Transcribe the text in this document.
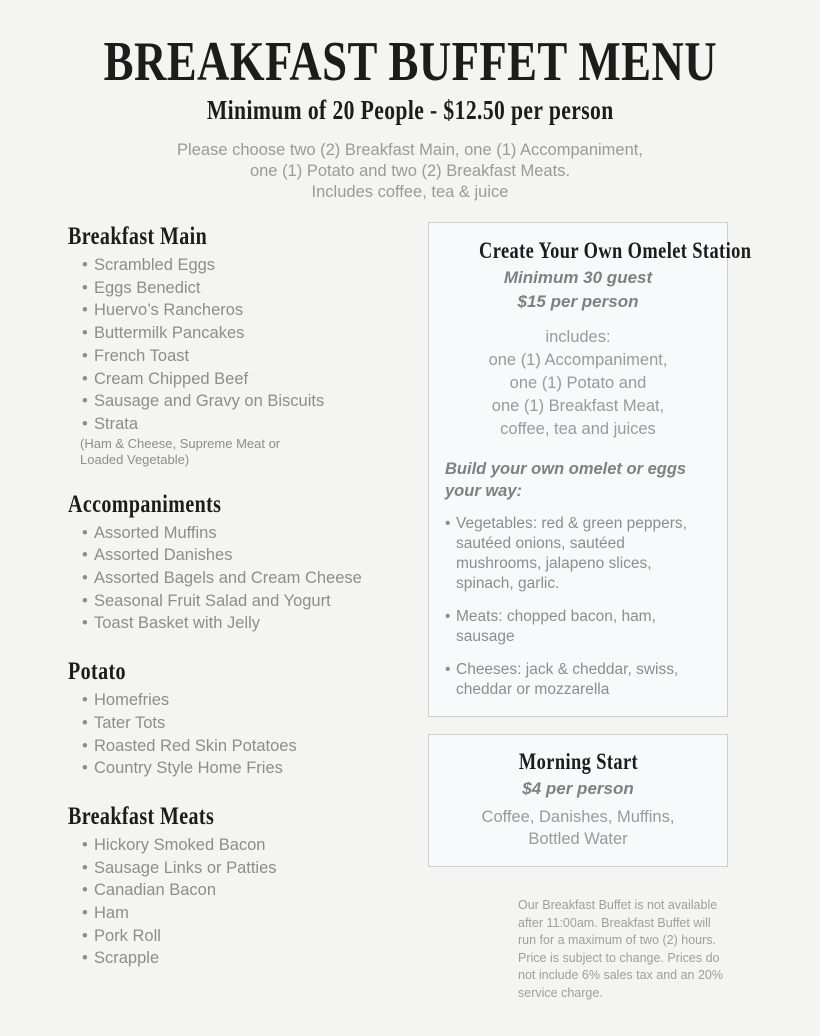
BREAKFAST BUFFET MENU Minimum of 20 People - $12.50 per person
Please choose two (2) Breakfast Main, one (1) Accompaniment,
one (1) Potato and two (2) Breakfast Meats.
Includes coffee, tea & juice
Breakfast Main
• Scrambled Eggs
• Eggs Benedict
• Huervo’s Rancheros
• Buttermilk Pancakes
• French Toast
• Cream Chipped Beef
• Sausage and Gravy on Biscuits
• Strata
(Ham & Cheese, Supreme Meat or
Loaded Vegetable)
Accompaniments
• Assorted Muffins
• Assorted Danishes
• Assorted Bagels and Cream Cheese
• Seasonal Fruit Salad and Yogurt
• Toast Basket with Jelly
Potato
• Homefries
• Tater Tots
• Roasted Red Skin Potatoes
• Country Style Home Fries
Breakfast Meats
• Hickory Smoked Bacon
• Sausage Links or Patties
• Canadian Bacon
• Ham
• Pork Roll
• Scrapple
Create Your Own Omelet Station
Minimum 30 guest
$15 per person
includes:
one (1) Accompaniment,
one (1) Potato and
one (1) Breakfast Meat,
coffee, tea and juices
Build your own omelet or eggs your way:
• Vegetables: red & green peppers, sautéed onions, sautéed mushrooms, jalapeno slices, spinach, garlic.
• Meats: chopped bacon, ham, sausage
• Cheeses: jack & cheddar, swiss, cheddar or mozzarella
Morning Start
$4 per person
Coffee, Danishes, Muffins,
Bottled Water
Our Breakfast Buffet is not available after 11:00am. Breakfast Buffet will run for a maximum of two (2) hours. Price is subject to change. Prices do not include 6% sales tax and an 20% service charge.
